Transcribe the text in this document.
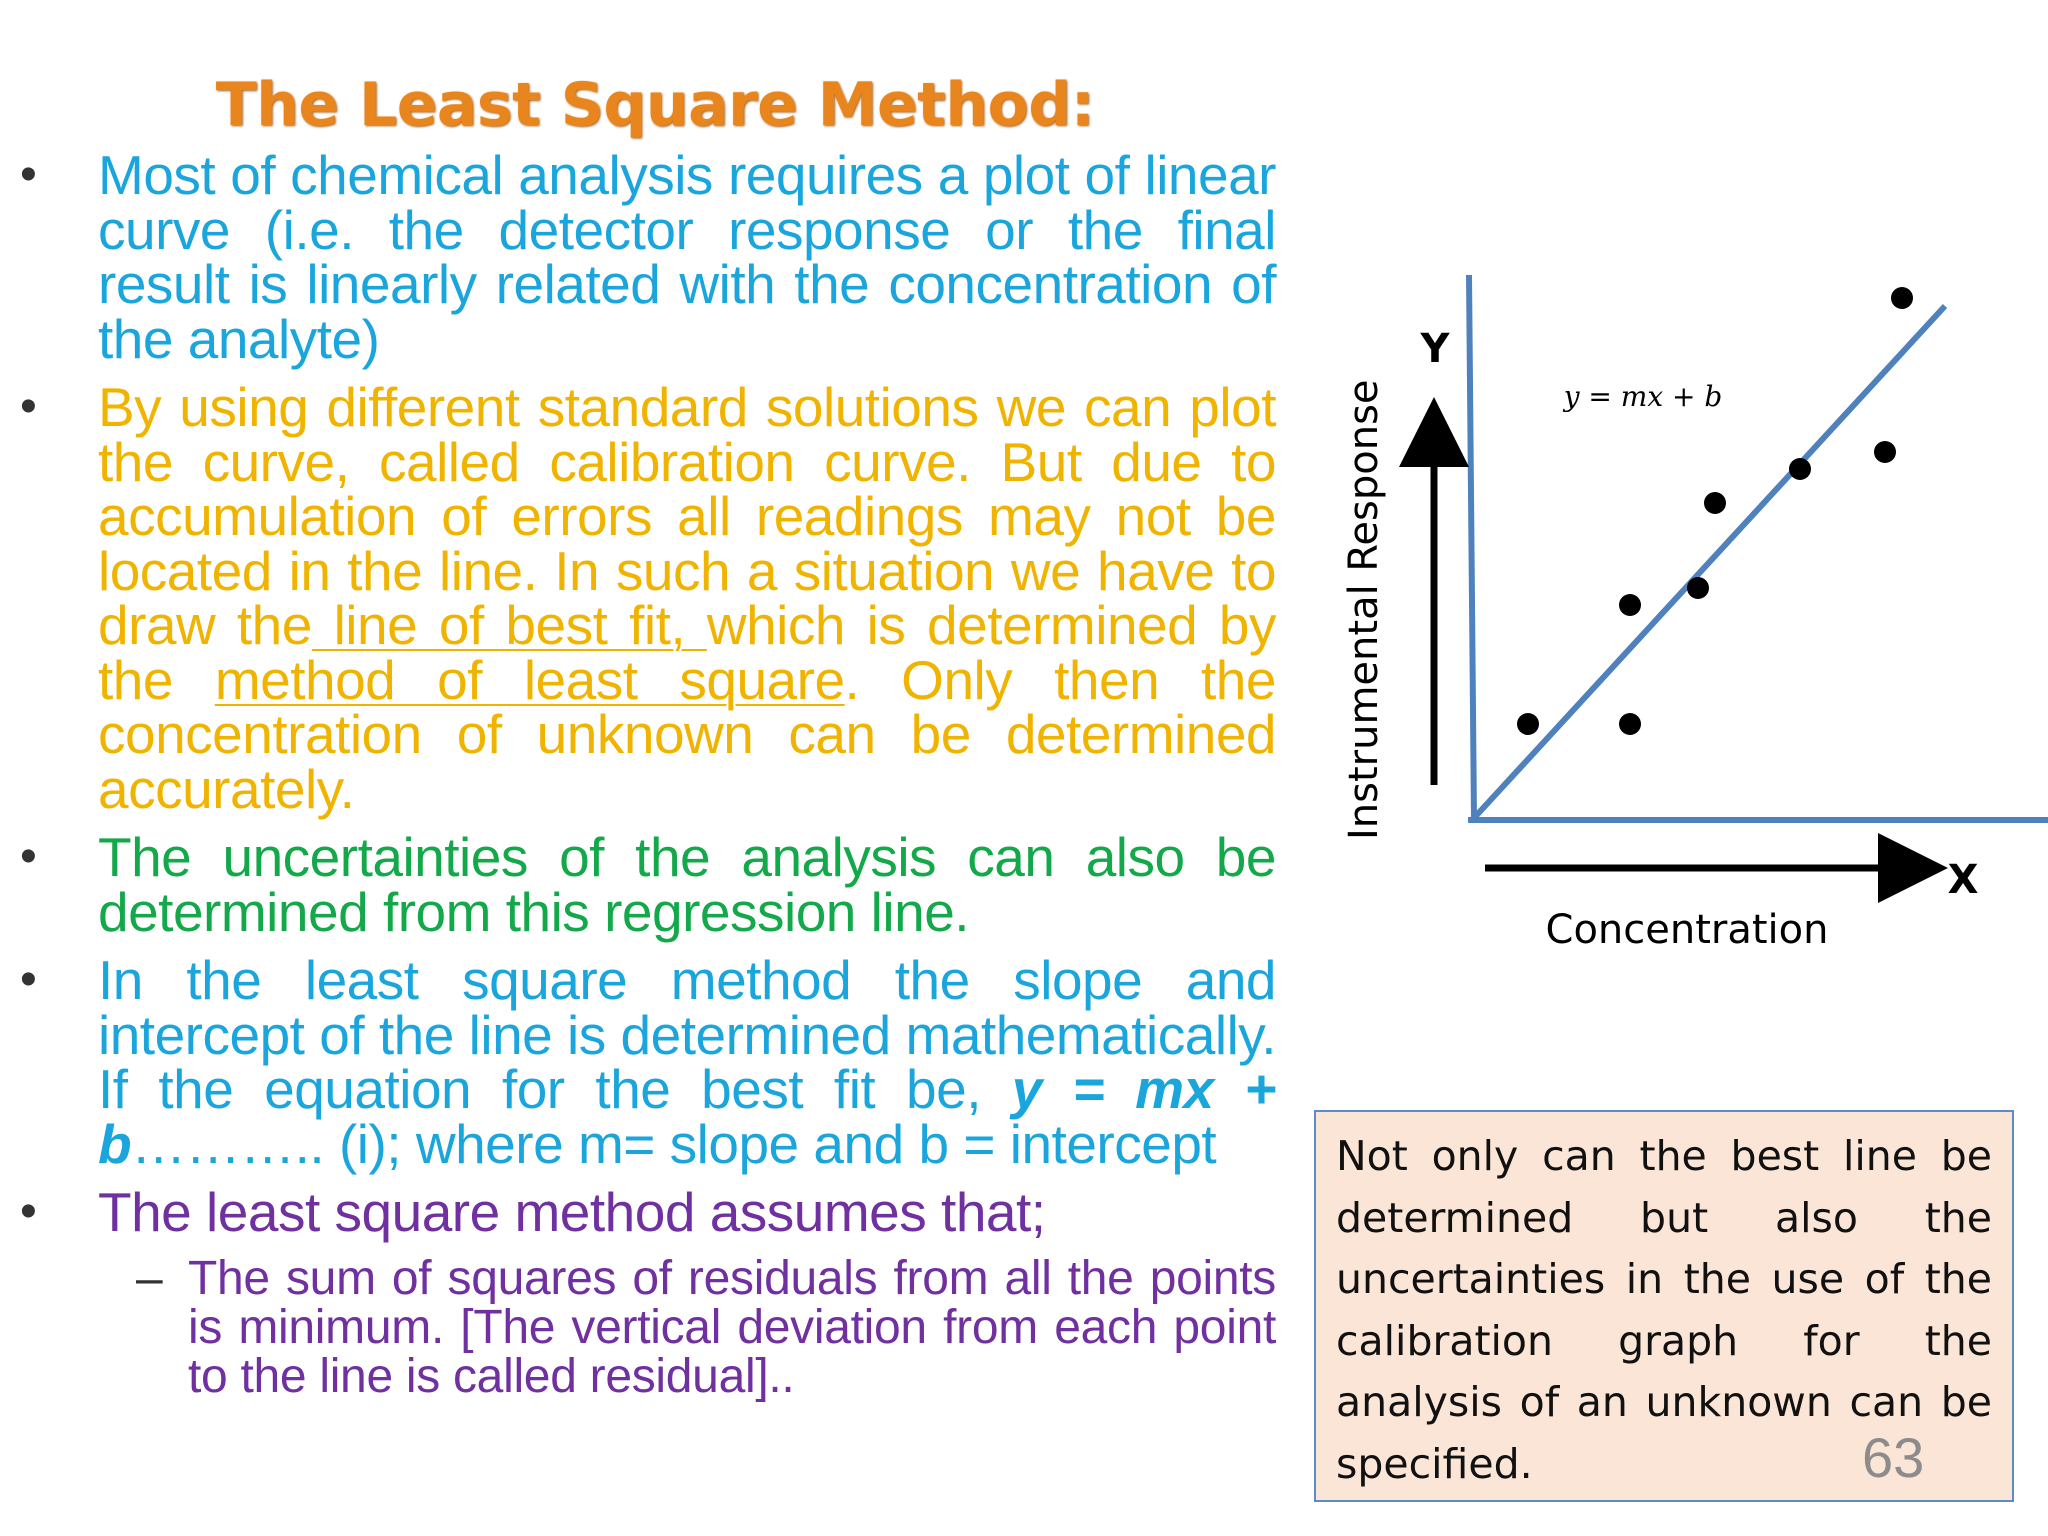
The Least Square Method:
• Most of chemical analysis requires a plot of linear curve (i.e. the detector response or the final result is linearly related with the concentration of the analyte)
• By using different standard solutions we can plot the curve, called calibration curve. But due to accumulation of errors all readings may not be located in the line. In such a situation we have to draw the line of best fit, which is determined by the method of least square. Only then the concentration of unknown can be determined accurately.
• The uncertainties of the analysis can also be determined from this regression line.
• In the least square method the slope and intercept of the line is determined mathematically. If the equation for the best fit be, y = mx + b……….. (i); where m= slope and b = intercept
• The least square method assumes that;
– The sum of squares of residuals from all the points is minimum. [The vertical deviation from each point to the line is called residual]..
Y
X
Instrumental Response
Concentration
y = mx + b
Not only can the best line be determined but also the uncertainties in the use of the calibration graph for the analysis of an unknown can be specified.	63
